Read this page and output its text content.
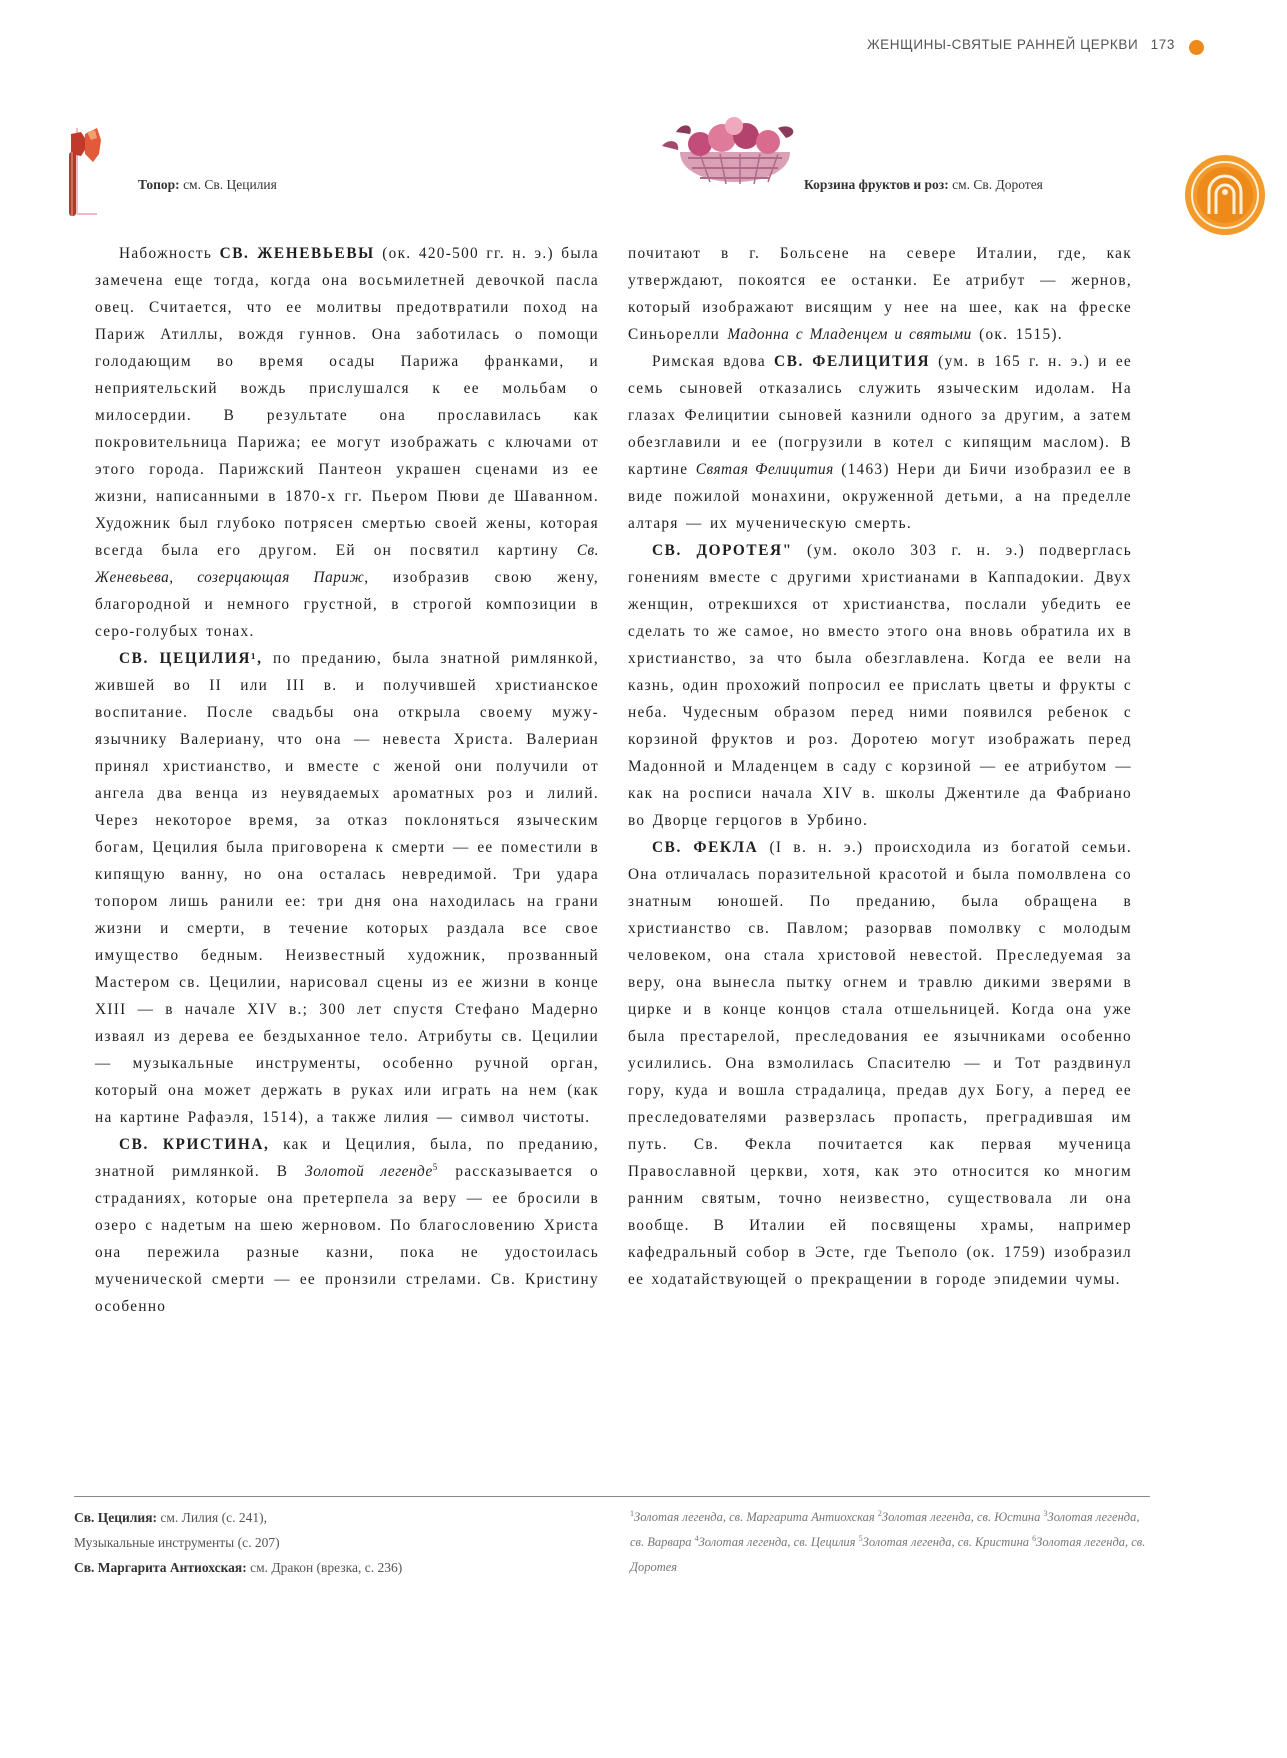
ЖЕНЩИНЫ-СВЯТЫЕ РАННЕЙ ЦЕРКВИ 173
Топор: см. Св. Цецилия	Корзина фруктов и роз: см. Св. Доротея

Набожность СВ. ЖЕНЕВЬЕВЫ (ок. 420-500 гг. н. э.) была замечена еще тогда, когда она восьмилетней девочкой пасла овец. Считается, что ее молитвы предотвратили поход на Париж Атиллы, вождя гуннов. Она заботилась о помощи голодающим во время осады Парижа франками, и неприятельский вождь прислушался к ее мольбам о милосердии. В результате она прославилась как покровительница Парижа; ее могут изображать с ключами от этого города. Парижский Пантеон украшен сценами из ее жизни, написанными в 1870-х гг. Пьером Пюви де Шаванном. Художник был глубоко потрясен смертью своей жены, которая всегда была его другом. Ей он посвятил картину Св. Женевьева, созерцающая Париж, изобразив свою жену, благородной и немного грустной, в строгой композиции в серо-голубых тонах.

СВ. ЦЕЦИЛИЯ¹, по преданию, была знатной римлянкой, жившей во II или III в. и получившей христианское воспитание. После свадьбы она открыла своему мужу-язычнику Валериану, что она — невеста Христа. Валериан принял христианство, и вместе с женой они получили от ангела два венца из неувядаемых ароматных роз и лилий. Через некоторое время, за отказ поклоняться языческим богам, Цецилия была приговорена к смерти — ее поместили в кипящую ванну, но она осталась невредимой. Три удара топором лишь ранили ее: три дня она находилась на грани жизни и смерти, в течение которых раздала все свое имущество бедным. Неизвестный художник, прозванный Мастером св. Цецилии, нарисовал сцены из ее жизни в конце XIII — в начале XIV в.; 300 лет спустя Стефано Мадерно изваял из дерева ее бездыханное тело. Атрибуты св. Цецилии — музыкальные инструменты, особенно ручной орган, который она может держать в руках или играть на нем (как на картине Рафаэля, 1514), а также лилия — символ чистоты.

СВ. КРИСТИНА, как и Цецилия, была, по преданию, знатной римлянкой. В Золотой легенде$^5$ рассказывается о страданиях, которые она претерпела за веру — ее бросили в озеро с надетым на шею жерновом. По благословению Христа она пережила разные казни, пока не удостоилась мученической смерти — ее пронзили стрелами. Св. Кристину особенно

почитают в г. Больсене на севере Италии, где, как утверждают, покоятся ее останки. Ее атрибут — жернов, который изображают висящим у нее на шее, как на фреске Синьорелли Мадонна с Младенцем и святыми (ок. 1515).

Римская вдова СВ. ФЕЛИЦИТИЯ (ум. в 165 г. н. э.) и ее семь сыновей отказались служить языческим идолам. На глазах Фелицитии сыновей казнили одного за другим, а затем обезглавили и ее (погрузили в котел с кипящим маслом). В картине Святая Фелицития (1463) Нери ди Бичи изобразил ее в виде пожилой монахини, окруженной детьми, а на пределле алтаря — их мученическую смерть.

СВ. ДОРОТЕЯ" (ум. около 303 г. н. э.) подверглась гонениям вместе с другими христианами в Каппадокии. Двух женщин, отрекшихся от христианства, послали убедить ее сделать то же самое, но вместо этого она вновь обратила их в христианство, за что была обезглавлена. Когда ее вели на казнь, один прохожий попросил ее прислать цветы и фрукты с неба. Чудесным образом перед ними появился ребенок с корзиной фруктов и роз. Доротею могут изображать перед Мадонной и Младенцем в саду с корзиной — ее атрибутом — как на росписи начала XIV в. школы Джентиле да Фабриано во Дворце герцогов в Урбино.

СВ. ФЕКЛА (I в. н. э.) происходила из богатой семьи. Она отличалась поразительной красотой и была помолвлена со знатным юношей. По преданию, была обращена в христианство св. Павлом; разорвав помолвку с молодым человеком, она стала христовой невестой. Преследуемая за веру, она вынесла пытку огнем и травлю дикими зверями в цирке и в конце концов стала отшельницей. Когда она уже была престарелой, преследования ее язычниками особенно усилились. Она взмолилась Спасителю — и Тот раздвинул гору, куда и вошла страдалица, предав дух Богу, а перед ее преследователями разверзлась пропасть, преградившая им путь. Св. Фекла почитается как первая мученица Православной церкви, хотя, как это относится ко многим ранним святым, точно неизвестно, существовала ли она вообще. В Италии ей посвящены храмы, например кафедральный собор в Эсте, где Тьеполо (ок. 1759) изобразил ее ходатайствующей о прекращении в городе эпидемии чумы.

Св. Цецилия: см. Лилия (с. 241),
Музыкальные инструменты (с. 207)
Св. Маргарита Антиохская: см. Дракон (врезка, с. 236)
$^1$Золотая легенда, св. Маргарита Антиохская $^2$Золотая легенда, св. Юстина $^3$Золотая легенда, св. Варвара $^4$Золотая легенда, св. Цецилия $^5$Золотая легенда, св. Кристина $^6$Золотая легенда, св. Доротея
